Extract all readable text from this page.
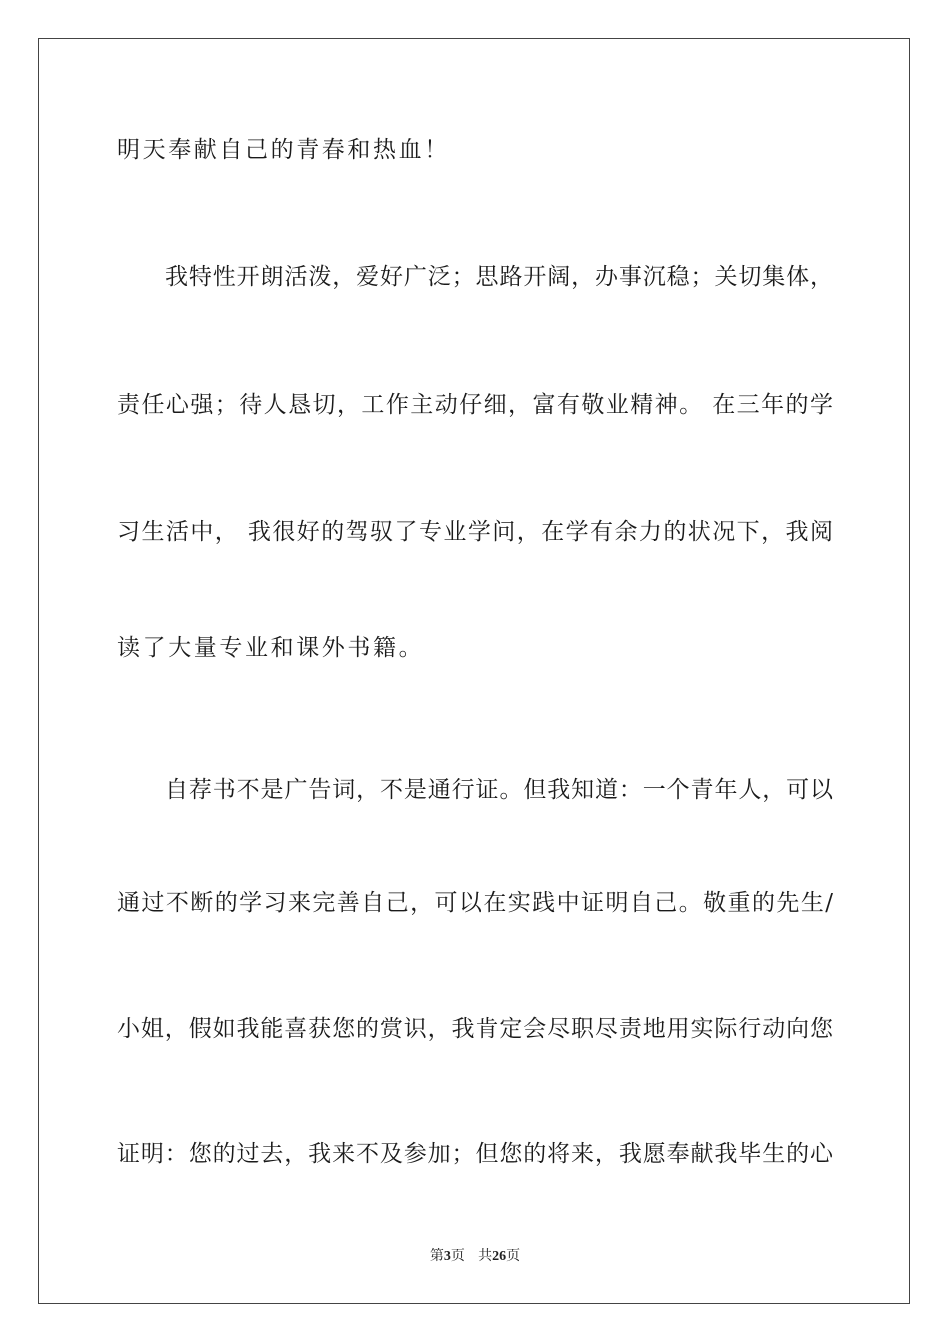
明天奉献自己的青春和热血！
我特性开朗活泼，爱好广泛；思路开阔，办事沉稳；关切集体，
责任心强；待人恳切，工作主动仔细，富有敬业精神。 在三年的学
习生活中， 我很好的驾驭了专业学问，在学有余力的状况下，我阅
读了大量专业和课外书籍。
自荐书不是广告词，不是通行证。但我知道：一个青年人，可以
通过不断的学习来完善自己，可以在实践中证明自己。敬重的先生/
小姐，假如我能喜获您的赏识，我肯定会尽职尽责地用实际行动向您
证明：您的过去，我来不及参加；但您的将来，我愿奉献我毕生的心
第3页 共26页
